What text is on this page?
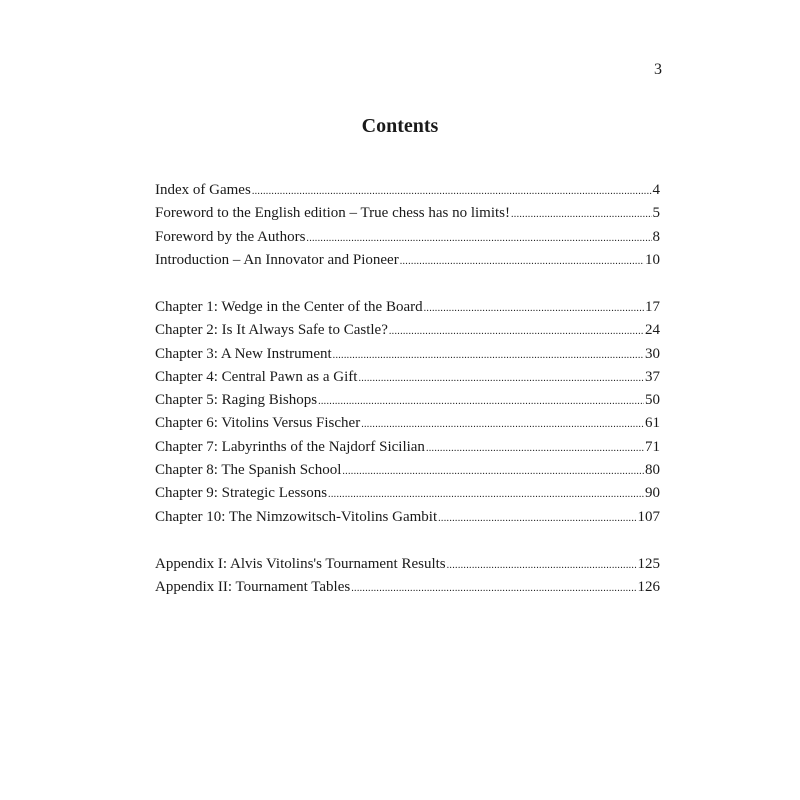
3
Contents
Index of Games .....	4
Foreword to the English edition – True chess has no limits! .....	5
Foreword by the Authors .....	8
Introduction – An Innovator and Pioneer .....	10
Chapter 1: Wedge in the Center of the Board .....	17
Chapter 2: Is It Always Safe to Castle? .....	24
Chapter 3: A New Instrument .....	30
Chapter 4: Central Pawn as a Gift .....	37
Chapter 5: Raging Bishops .....	50
Chapter 6: Vitolins Versus Fischer .....	61
Chapter 7: Labyrinths of the Najdorf Sicilian .....	71
Chapter 8: The Spanish School .....	80
Chapter 9: Strategic Lessons .....	90
Chapter 10: The Nimzowitsch-Vitolins Gambit .....	107
Appendix I: Alvis Vitolins's Tournament Results .....	125
Appendix II: Tournament Tables .....	126
